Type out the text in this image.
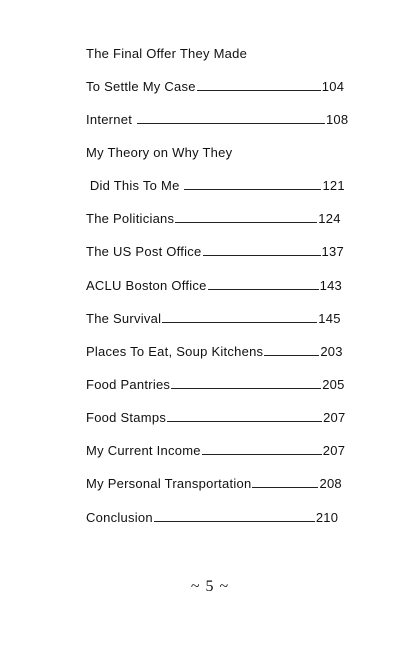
The Final Offer They Made
To Settle My Case	104
Internet	108
My Theory on Why They
Did This To Me	121
The Politicians	124
The US Post Office	137
ACLU Boston Office	143
The Survival	145
Places To Eat, Soup Kitchens	203
Food Pantries	205
Food Stamps	207
My Current Income	207
My Personal Transportation	208
Conclusion	210
~ 5 ~
